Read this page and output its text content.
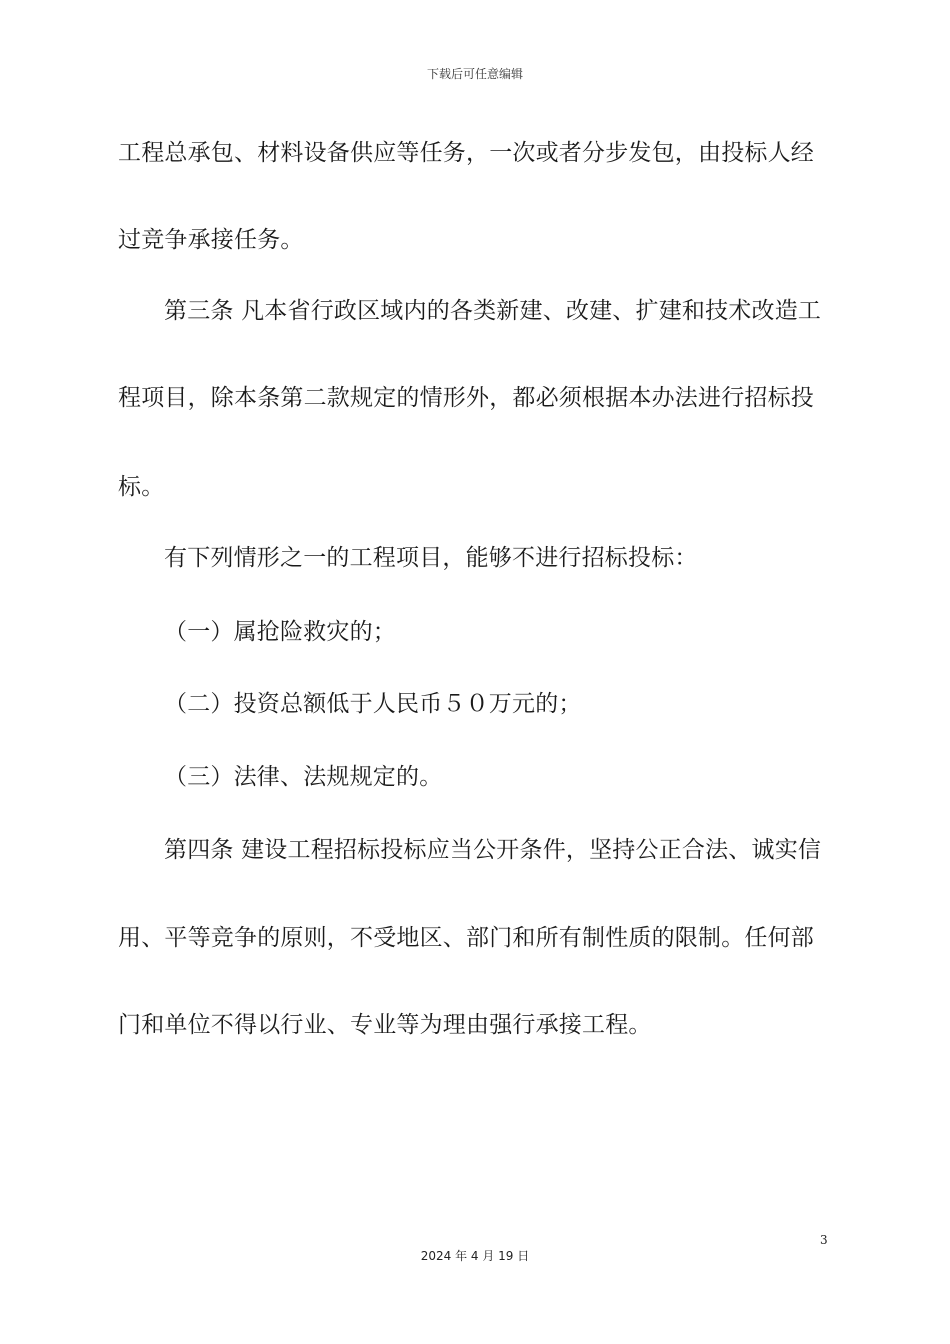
下载后可任意编辑
工程总承包、材料设备供应等任务，一次或者分步发包，由投标人经
过竞争承接任务。
第三条 凡本省行政区域内的各类新建、改建、扩建和技术改造工
程项目，除本条第二款规定的情形外，都必须根据本办法进行招标投
标。
有下列情形之一的工程项目，能够不进行招标投标：
（一）属抢险救灾的；
（二）投资总额低于人民币５０万元的；
（三）法律、法规规定的。
第四条 建设工程招标投标应当公开条件，坚持公正合法、诚实信
用、平等竞争的原则，不受地区、部门和所有制性质的限制。任何部
门和单位不得以行业、专业等为理由强行承接工程。
3
2024 年 4 月 19 日
